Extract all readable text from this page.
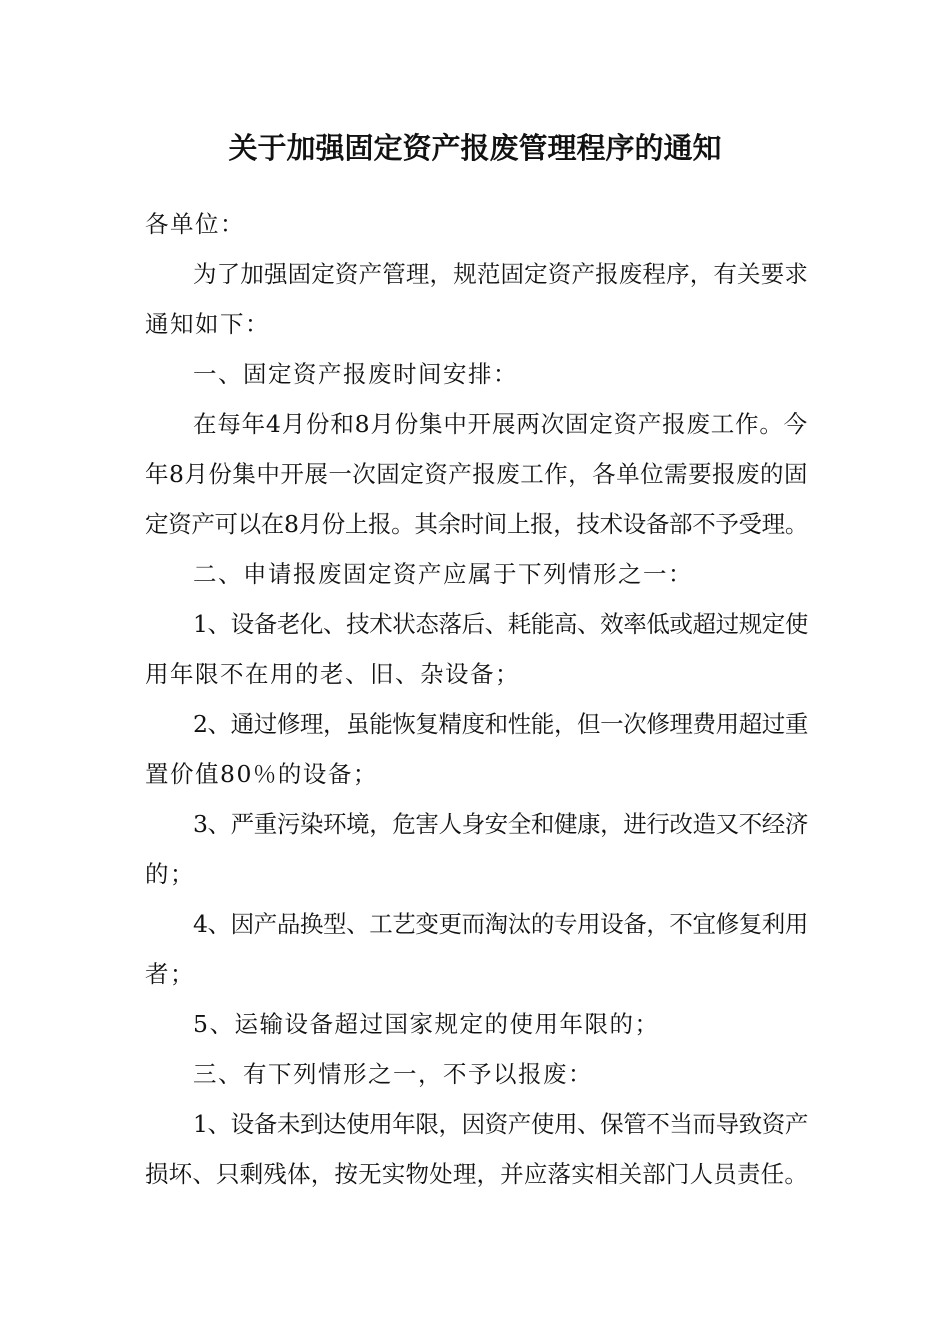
关于加强固定资产报废管理程序的通知
各单位：
为了加强固定资产管理，规范固定资产报废程序，有关要求
通知如下：
一、固定资产报废时间安排：
在每年4月份和8月份集中开展两次固定资产报废工作。今
年8月份集中开展一次固定资产报废工作，各单位需要报废的固
定资产可以在8月份上报。其余时间上报，技术设备部不予受理。
二、申请报废固定资产应属于下列情形之一：
1、设备老化、技术状态落后、耗能高、效率低或超过规定使
用年限不在用的老、旧、杂设备；
2、通过修理，虽能恢复精度和性能，但一次修理费用超过重
置价值80％的设备；
3、严重污染环境，危害人身安全和健康，进行改造又不经济
的；
4、因产品换型、工艺变更而淘汰的专用设备，不宜修复利用
者；
5、运输设备超过国家规定的使用年限的；
三、有下列情形之一，不予以报废：
1、设备未到达使用年限，因资产使用、保管不当而导致资产
损坏、只剩残体，按无实物处理，并应落实相关部门人员责任。
